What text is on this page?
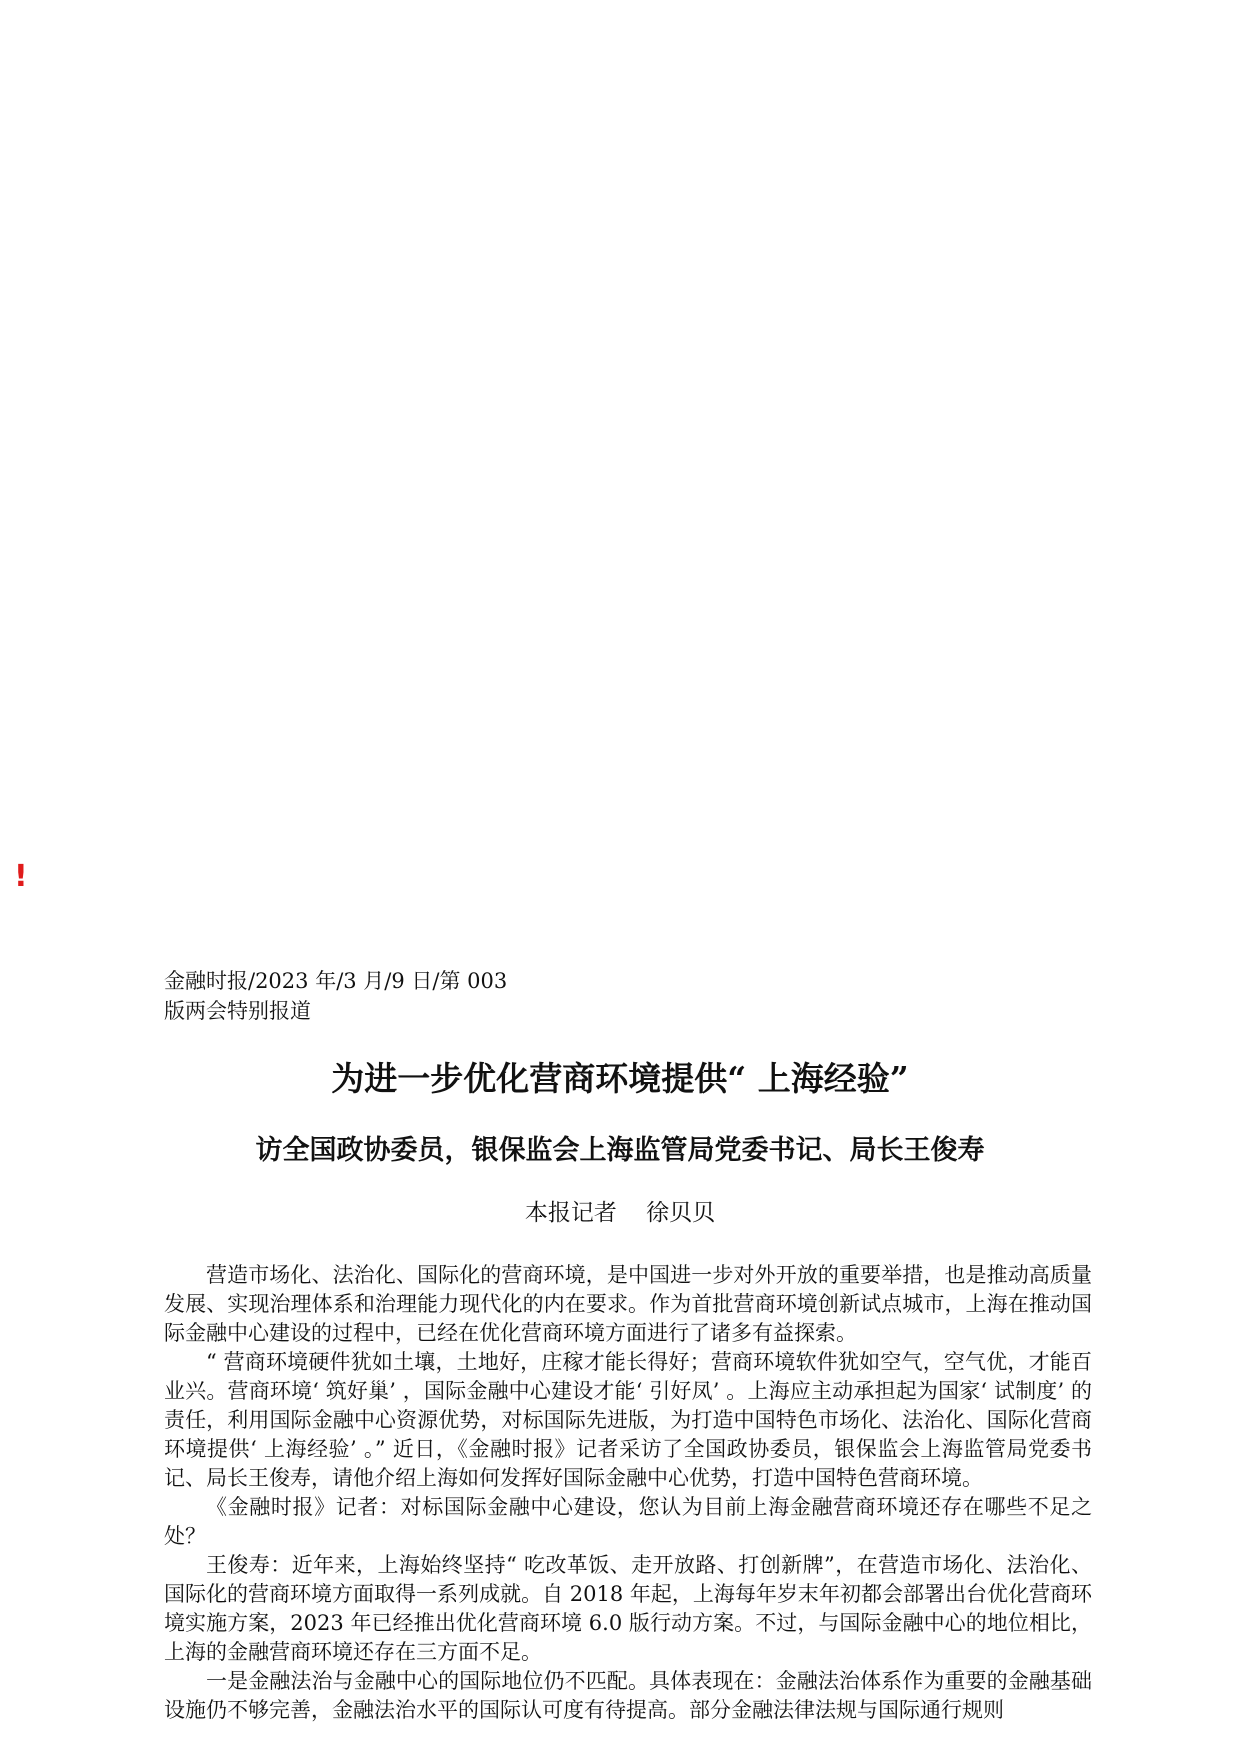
!
金融时报/2023 年/3 月/9 日/第 003
版两会特别报道
为进一步优化营商环境提供“ 上海经验”
访全国政协委员，银保监会上海监管局党委书记、局长王俊寿
本报记者    徐贝贝

营造市场化、法治化、国际化的营商环境，是中国进一步对外开放的重要举措，也是推动高质量发展、实现治理体系和治理能力现代化的内在要求。作为首批营商环境创新试点城市，上海在推动国际金融中心建设的过程中，已经在优化营商环境方面进行了诸多有益探索。

“ 营商环境硬件犹如土壤，土地好，庄稼才能长得好；营商环境软件犹如空气，空气优，才能百业兴。营商环境‘ 筑好巢’ ，国际金融中心建设才能‘ 引好凤’ 。上海应主动承担起为国家‘ 试制度’ 的责任，利用国际金融中心资源优势，对标国际先进版，为打造中国特色市场化、法治化、国际化营商环境提供‘ 上海经验’ 。” 近日，《金融时报》记者采访了全国政协委员，银保监会上海监管局党委书记、局长王俊寿，请他介绍上海如何发挥好国际金融中心优势，打造中国特色营商环境。

《金融时报》记者：对标国际金融中心建设，您认为目前上海金融营商环境还存在哪些不足之处？

王俊寿：近年来，上海始终坚持“ 吃改革饭、走开放路、打创新牌”，在营造市场化、法治化、国际化的营商环境方面取得一系列成就。自 2018 年起，上海每年岁末年初都会部署出台优化营商环境实施方案，2023 年已经推出优化营商环境 6.0 版行动方案。不过，与国际金融中心的地位相比，上海的金融营商环境还存在三方面不足。

一是金融法治与金融中心的国际地位仍不匹配。具体表现在：金融法治体系作为重要的金融基础设施仍不够完善，金融法治水平的国际认可度有待提高。部分金融法律法规与国际通行规则
